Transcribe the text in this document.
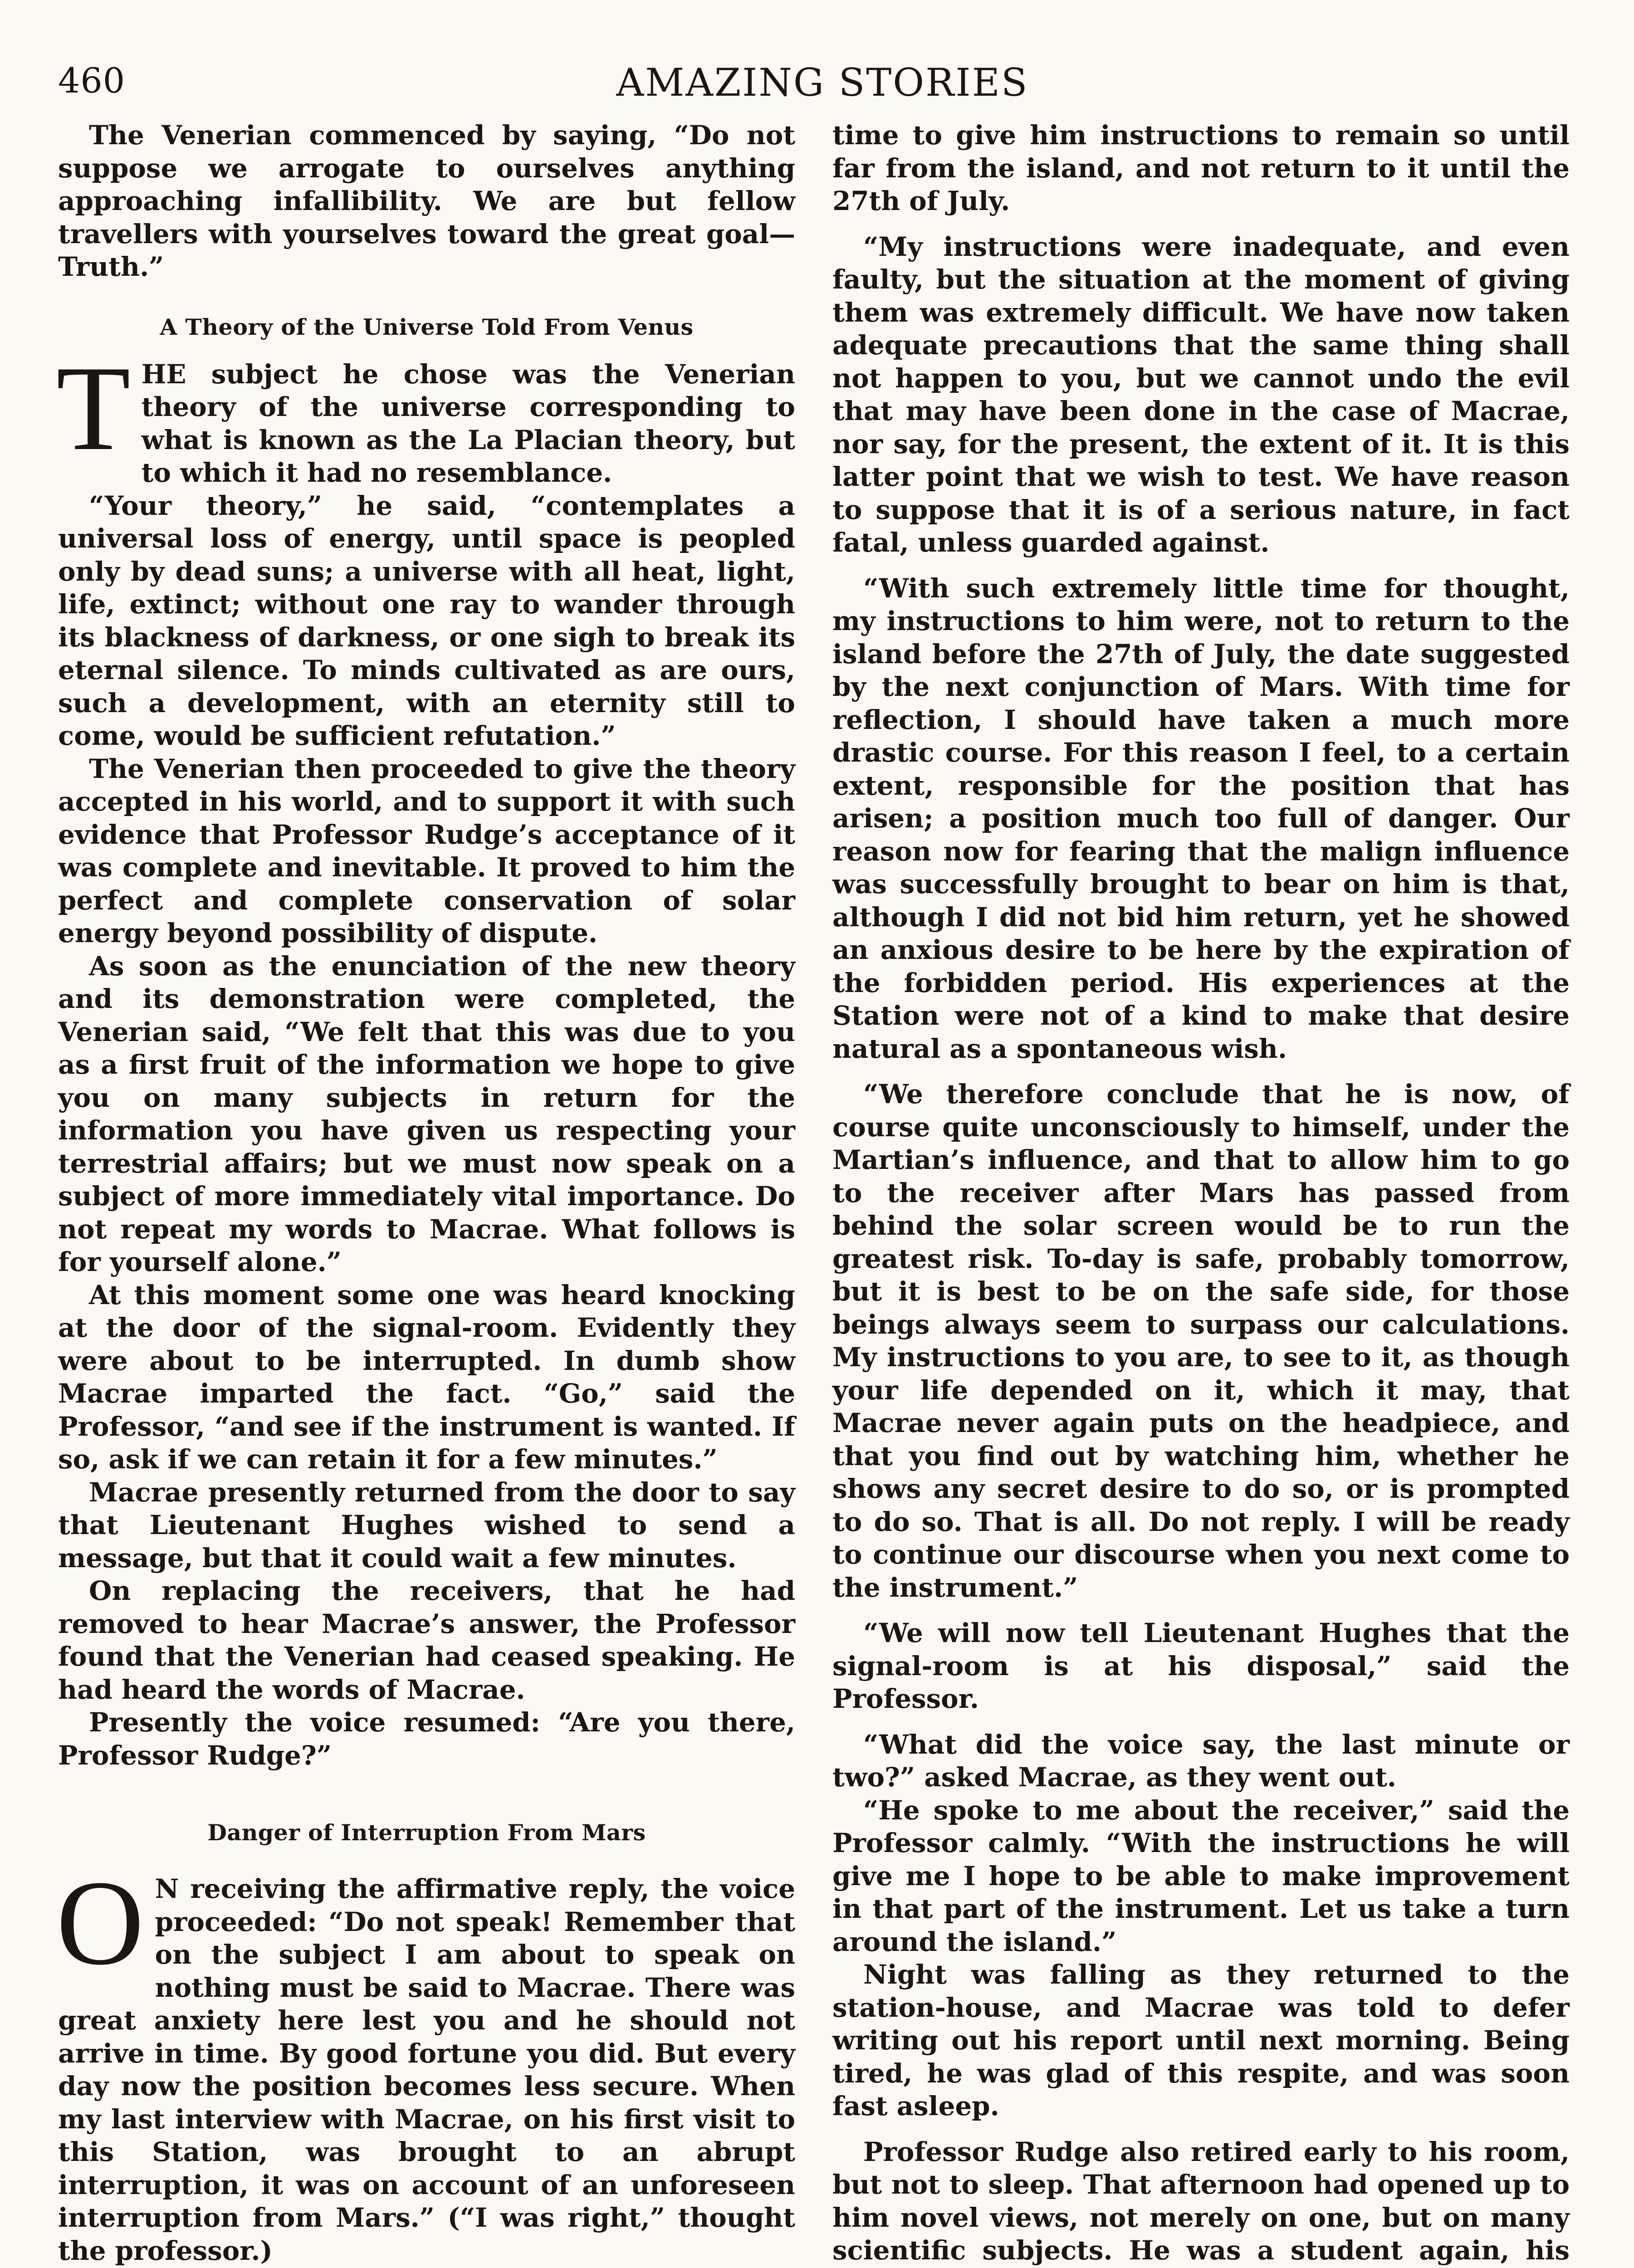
460	AMAZING STORIES

The Venerian commenced by saying, “Do not suppose we arrogate to ourselves anything approaching infallibility. We are but fellow travellers with yourselves toward the great goal—Truth.”

A Theory of the Universe Told From Venus

THE subject he chose was the Venerian theory of the universe corresponding to what is known as the La Placian theory, but to which it had no resemblance.

“Your theory,” he said, “contemplates a universal loss of energy, until space is peopled only by dead suns; a universe with all heat, light, life, extinct; without one ray to wander through its blackness of darkness, or one sigh to break its eternal silence. To minds cultivated as are ours, such a development, with an eternity still to come, would be sufficient refutation.”

The Venerian then proceeded to give the theory accepted in his world, and to support it with such evidence that Professor Rudge’s acceptance of it was complete and inevitable. It proved to him the perfect and complete conservation of solar energy beyond possibility of dispute.

As soon as the enunciation of the new theory and its demonstration were completed, the Venerian said, “We felt that this was due to you as a first fruit of the information we hope to give you on many subjects in return for the information you have given us respecting your terrestrial affairs; but we must now speak on a subject of more immediately vital importance. Do not repeat my words to Macrae. What follows is for yourself alone.”

At this moment some one was heard knocking at the door of the signal-room. Evidently they were about to be interrupted. In dumb show Macrae imparted the fact. “Go,” said the Professor, “and see if the instrument is wanted. If so, ask if we can retain it for a few minutes.”

Macrae presently returned from the door to say that Lieutenant Hughes wished to send a message, but that it could wait a few minutes.

On replacing the receivers, that he had removed to hear Macrae’s answer, the Professor found that the Venerian had ceased speaking. He had heard the words of Macrae.

Presently the voice resumed: “Are you there, Professor Rudge?”

Danger of Interruption From Mars

O N receiving the affirmative reply, the voice proceeded: “Do not speak! Remember that on the subject I am about to speak on nothing must be said to Macrae. There was great anxiety here lest you and he should not arrive in time. By good fortune you did. But every day now the position becomes less secure. When my last interview with Macrae, on his first visit to this Station, was brought to an abrupt interruption, it was on account of an unforeseen interruption from Mars.” (“I was right,” thought the professor.)

time to give him instructions to remain so until far from the island, and not return to it until the 27th of July.

“My instructions were inadequate, and even faulty, but the situation at the moment of giving them was extremely difficult. We have now taken adequate precautions that the same thing shall not happen to you, but we cannot undo the evil that may have been done in the case of Macrae, nor say, for the present, the extent of it. It is this latter point that we wish to test. We have reason to suppose that it is of a serious nature, in fact fatal, unless guarded against.

“With such extremely little time for thought, my instructions to him were, not to return to the island before the 27th of July, the date suggested by the next conjunction of Mars. With time for reflection, I should have taken a much more drastic course. For this reason I feel, to a certain extent, responsible for the position that has arisen; a position much too full of danger. Our reason now for fearing that the malign influence was successfully brought to bear on him is that, although I did not bid him return, yet he showed an anxious desire to be here by the expiration of the forbidden period. His experiences at the Station were not of a kind to make that desire natural as a spontaneous wish.

“We therefore conclude that he is now, of course quite unconsciously to himself, under the Martian’s influence, and that to allow him to go to the receiver after Mars has passed from behind the solar screen would be to run the greatest risk. To-day is safe, probably tomorrow, but it is best to be on the safe side, for those beings always seem to surpass our calculations. My instructions to you are, to see to it, as though your life depended on it, which it may, that Macrae never again puts on the headpiece, and that you find out by watching him, whether he shows any secret desire to do so, or is prompted to do so. That is all. Do not reply. I will be ready to continue our discourse when you next come to the instrument.”

“We will now tell Lieutenant Hughes that the signal-room is at his disposal,” said the Professor.

“What did the voice say, the last minute or two?” asked Macrae, as they went out.

“He spoke to me about the receiver,” said the Professor calmly. “With the instructions he will give me I hope to be able to make improvement in that part of the instrument. Let us take a turn around the island.”

Night was falling as they returned to the station-house, and Macrae was told to defer writing out his report until next morning. Being tired, he was glad of this respite, and was soon fast asleep.

Professor Rudge also retired early to his room, but not to sleep. That afternoon had opened up to him novel views, not merely on one, but on many scientific subjects. He was a student again, his
